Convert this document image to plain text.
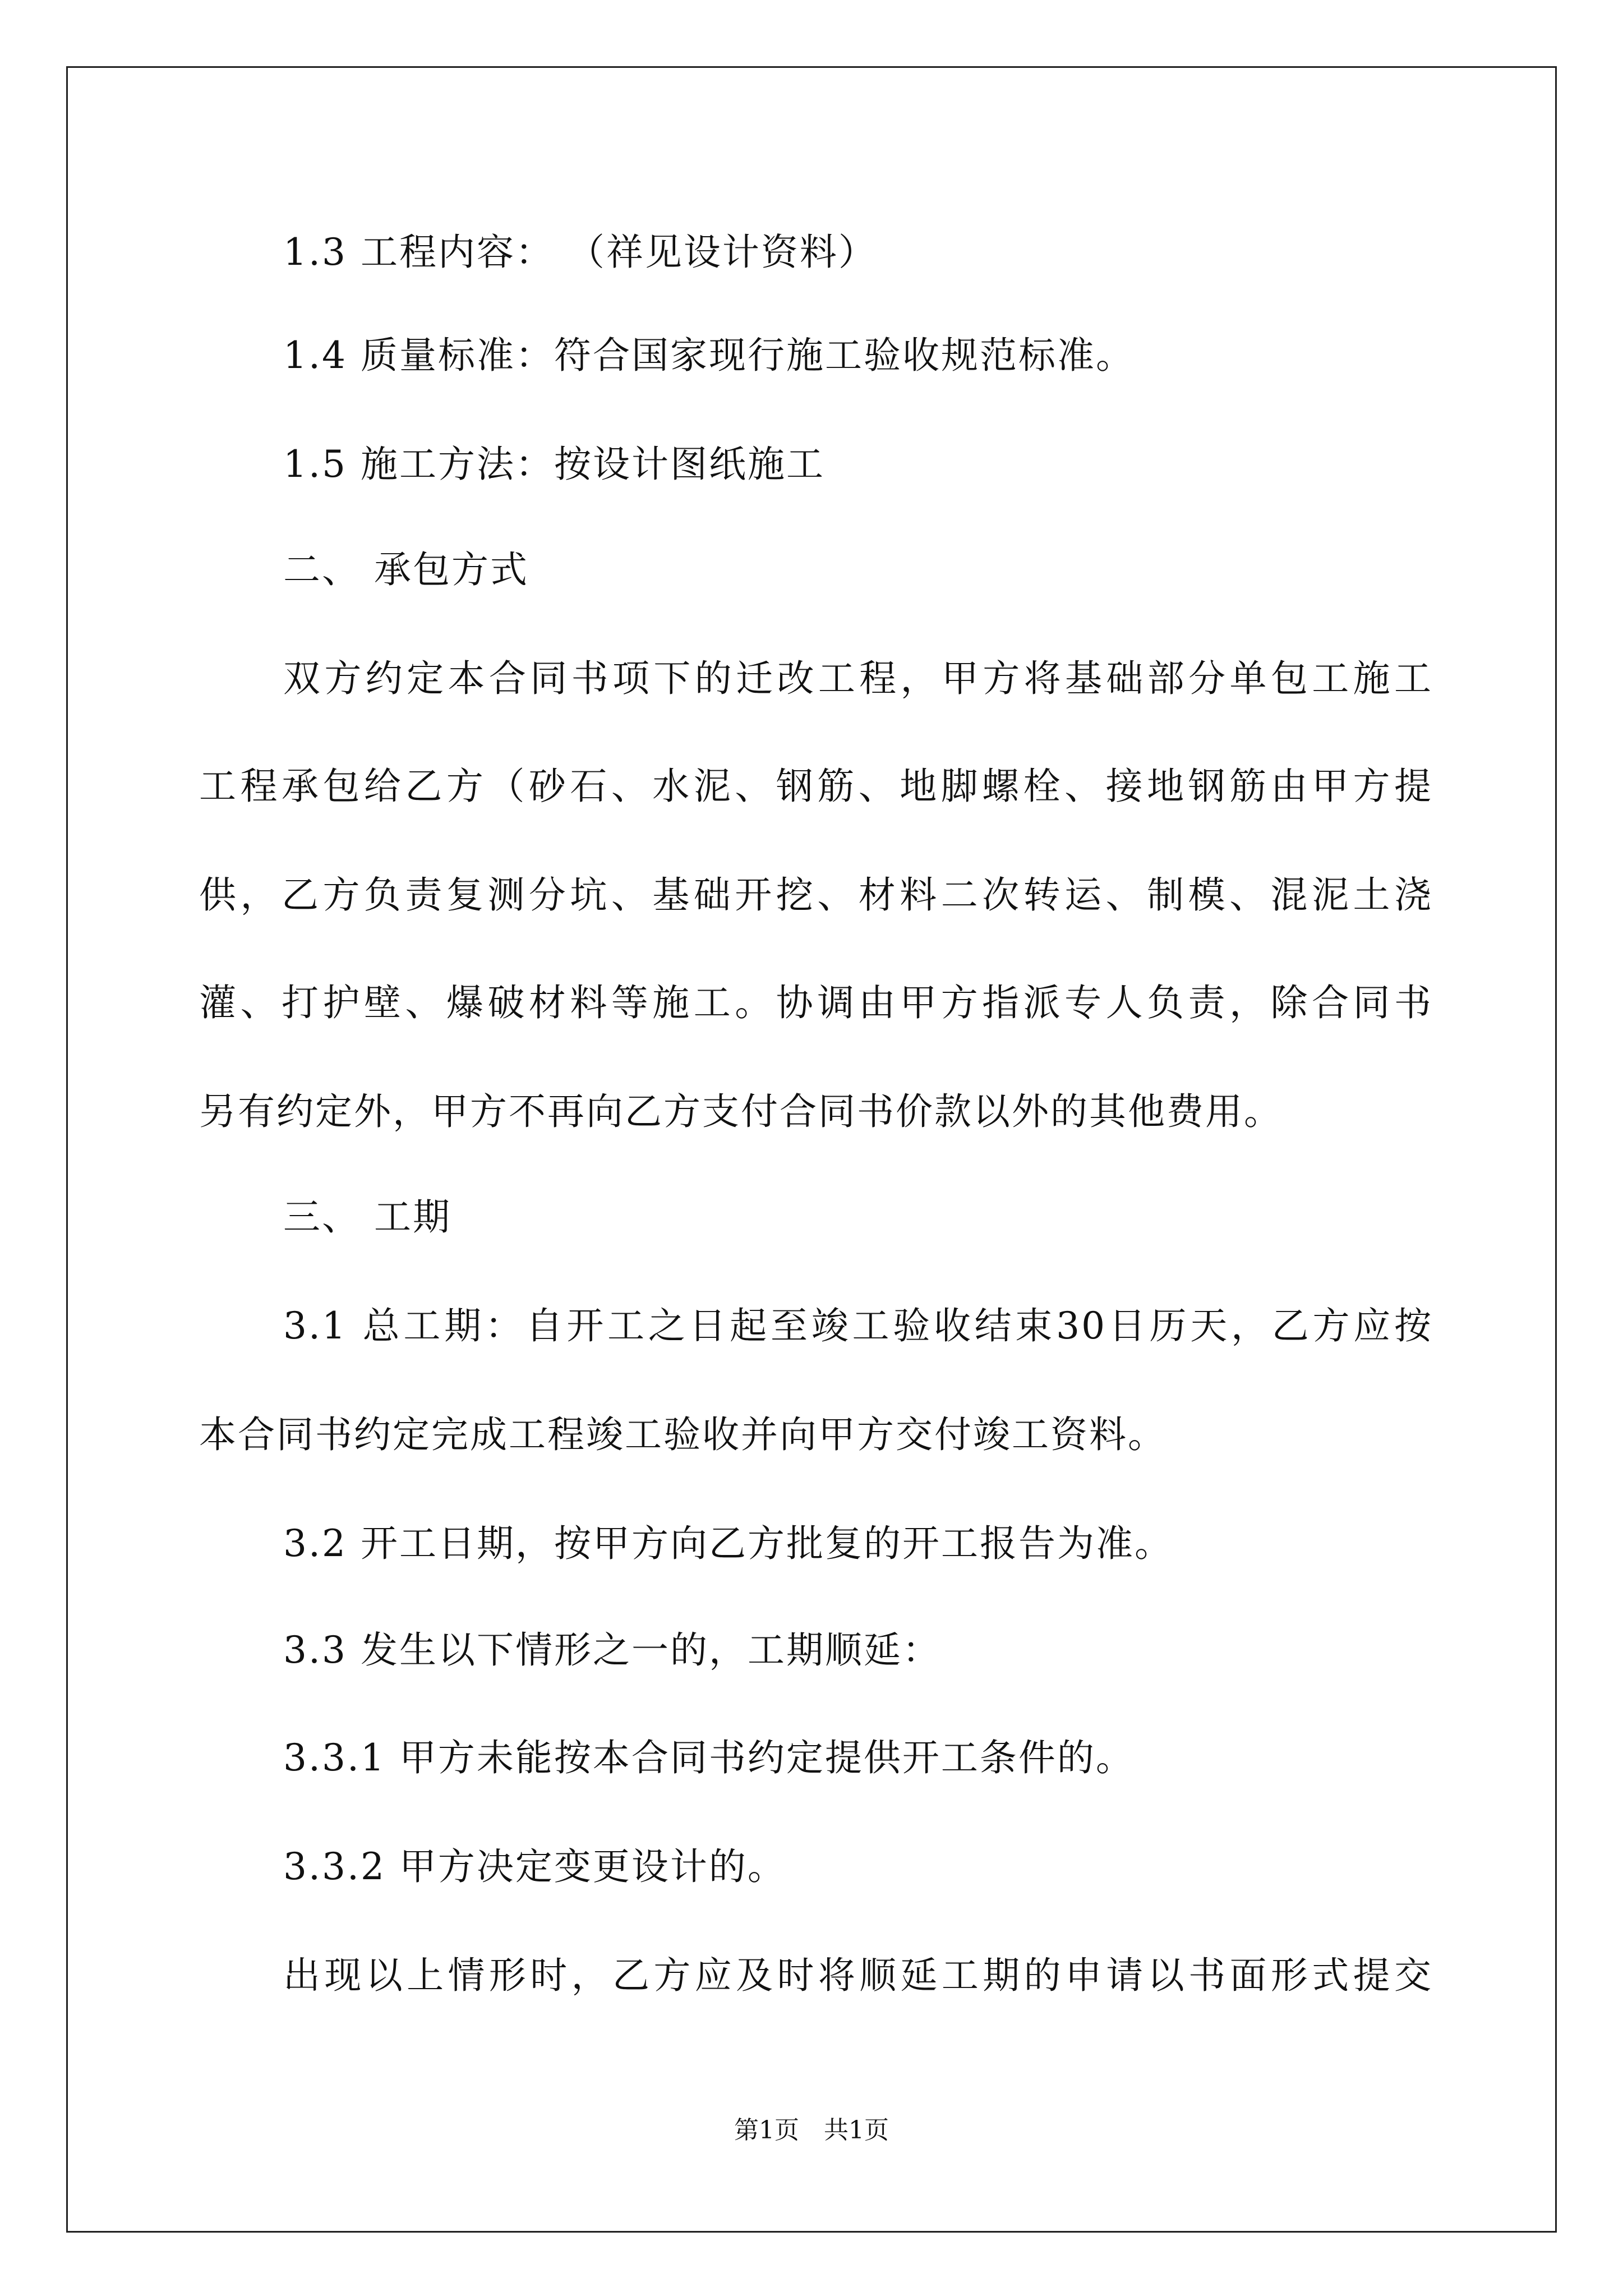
1.3 工程内容： （祥见设计资料）
1.4 质量标准：符合国家现行施工验收规范标准。
1.5 施工方法：按设计图纸施工
二、 承包方式
双方约定本合同书项下的迁改工程，甲方将基础部分单包工施工
工程承包给乙方（砂石、水泥、钢筋、地脚螺栓、接地钢筋由甲方提
供，乙方负责复测分坑、基础开挖、材料二次转运、制模、混泥土浇
灌、打护壁、爆破材料等施工。协调由甲方指派专人负责，除合同书
另有约定外，甲方不再向乙方支付合同书价款以外的其他费用。
三、 工期
3.1 总工期：自开工之日起至竣工验收结束30日历天，乙方应按
本合同书约定完成工程竣工验收并向甲方交付竣工资料。
3.2 开工日期，按甲方向乙方批复的开工报告为准。
3.3 发生以下情形之一的，工期顺延：
3.3.1 甲方未能按本合同书约定提供开工条件的。
3.3.2 甲方决定变更设计的。
出现以上情形时，乙方应及时将顺延工期的申请以书面形式提交
第1页　共1页
